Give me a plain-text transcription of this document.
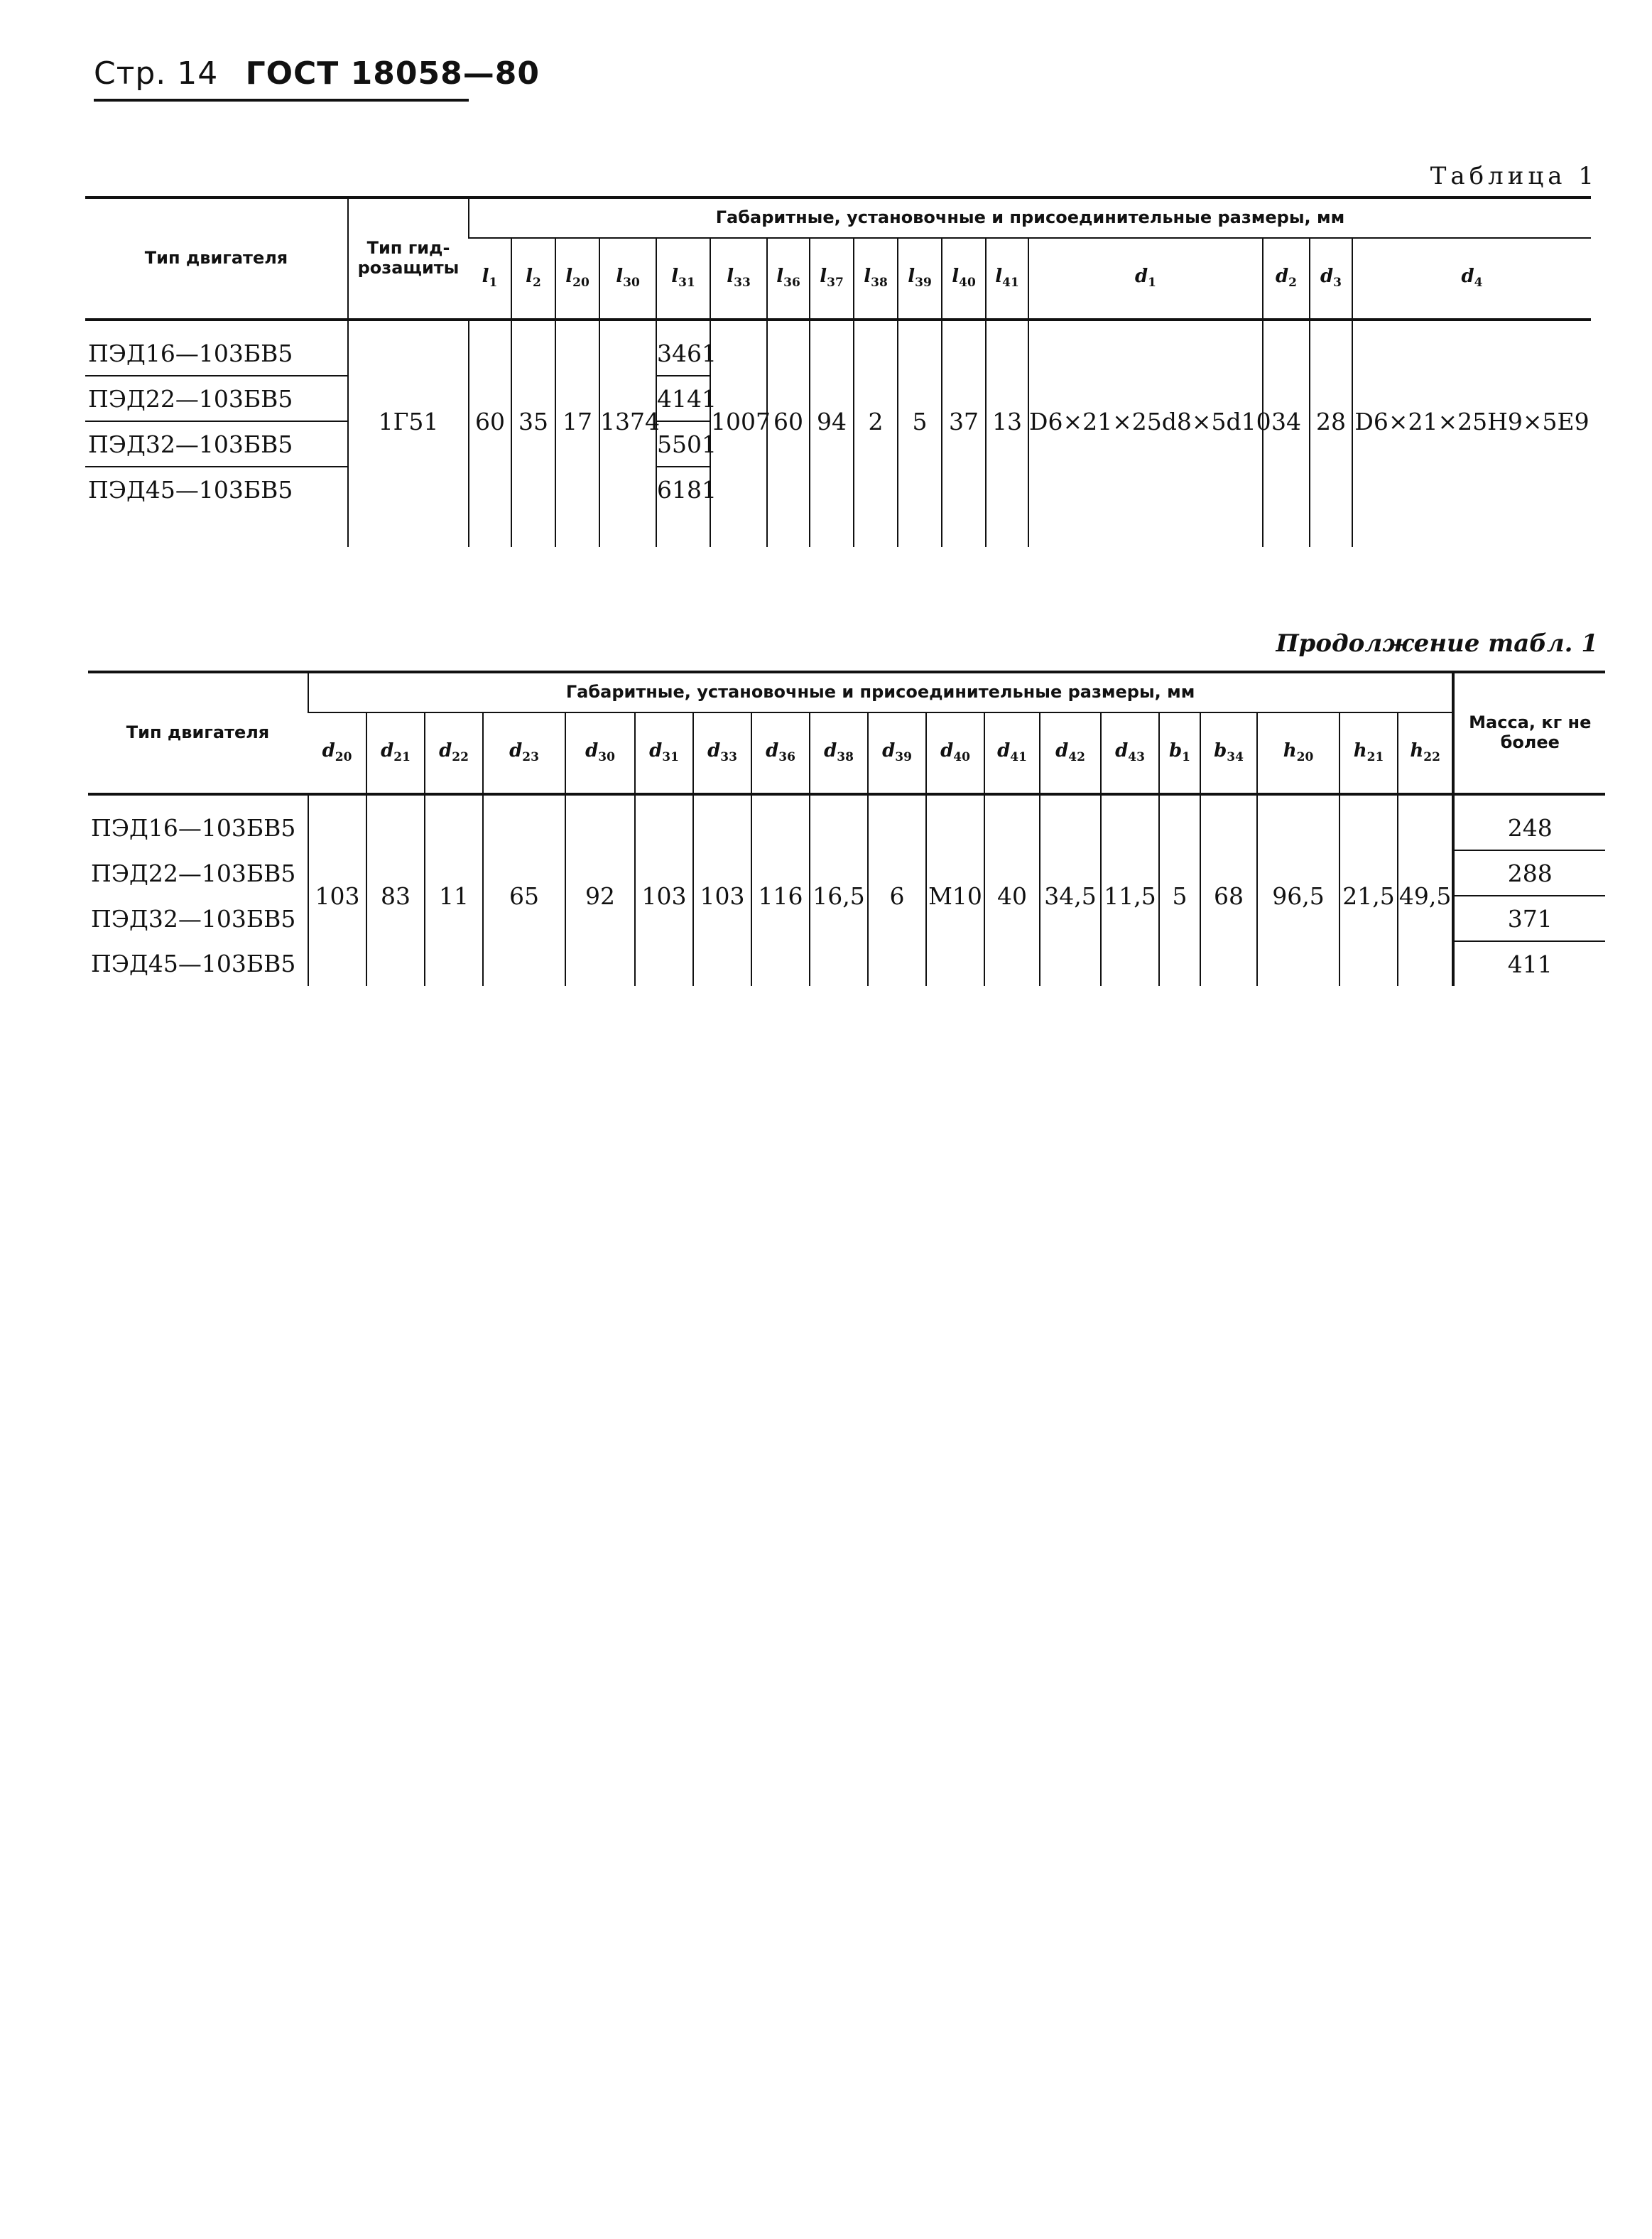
Стр. 14 ГОСТ 18058—80
Таблица 1
Тип двигателя	Тип гид-розащиты	Габаритные, установочные и присоединительные размеры, мм															
		$l_1$	$l_2$	$l_{20}$	$l_{30}$	$l_{31}$	$l_{33}$	$l_{36}$	$l_{37}$	$l_{38}$	$l_{39}$	$l_{40}$	$l_{41}$	$d_1$	$d_2$	$d_3$	$d_4$

ПЭД16—103БВ5	1Г51	60	35	17	1374	3461	1007	60	94	2	5	37	13	D6×21×25d8×5d10	34	28	D6×21×25H9×5E9
ПЭД22—103БВ5						4141											
ПЭД32—103БВ5						5501											
ПЭД45—103БВ5						6181											

Продолжение табл. 1
Тип двигателя	Габаритные, установочные и присоединительные размеры, мм																			Масса, кг не более
	$d_{20}$	$d_{21}$	$d_{22}$	$d_{23}$	$d_{30}$	$d_{31}$	$d_{33}$	$d_{36}$	$d_{38}$	$d_{39}$	$d_{40}$	$d_{41}$	$d_{42}$	$d_{43}$	$b_1$	$b_{34}$	$h_{20}$	$h_{21}$	$h_{22}$

ПЭД16—103БВ5	103	83	11	65	92	103	103	116	16,5	6	M10	40	34,5	11,5	5	68	96,5	21,5	49,5	248
ПЭД22—103БВ5																				288
ПЭД32—103БВ5																				371
ПЭД45—103БВ5																				411
